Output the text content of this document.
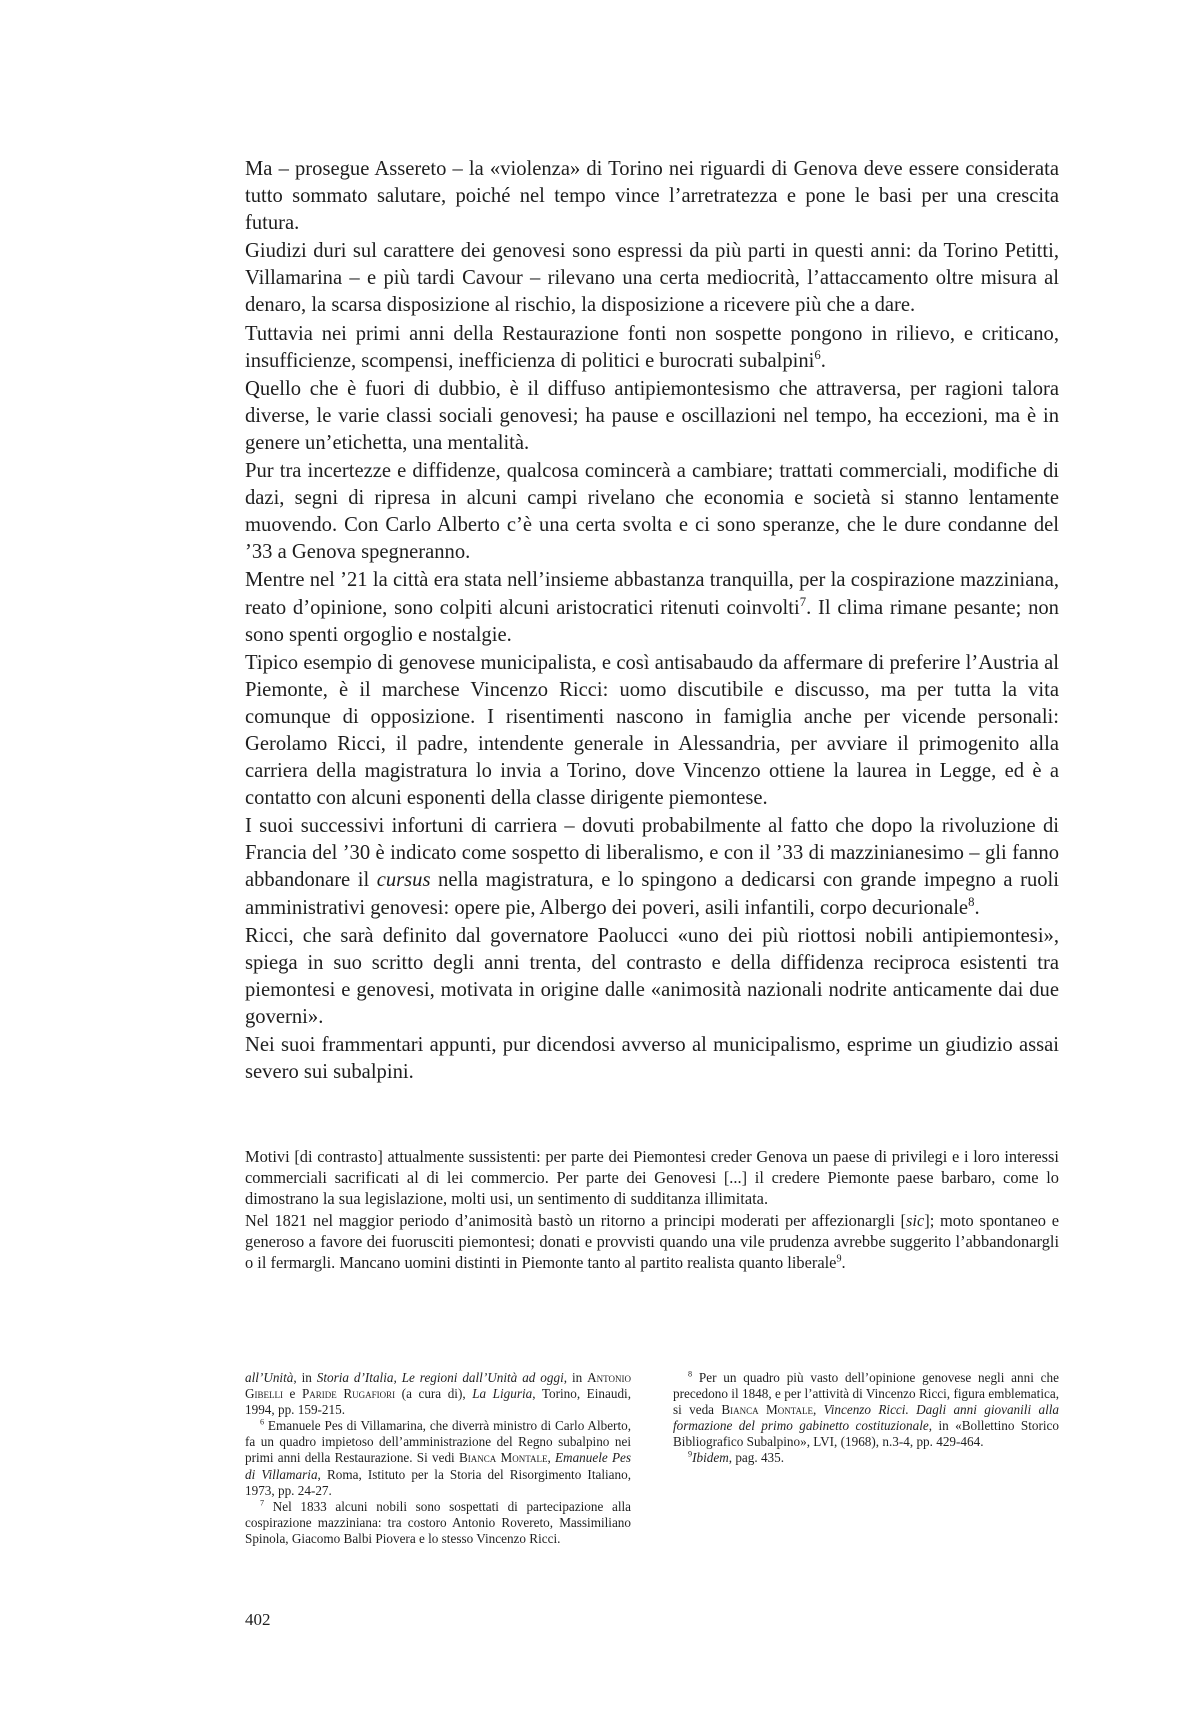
Ma – prosegue Assereto – la «violenza» di Torino nei riguardi di Genova deve essere considerata tutto sommato salutare, poiché nel tempo vince l’arretratezza e pone le basi per una crescita futura.

Giudizi duri sul carattere dei genovesi sono espressi da più parti in questi anni: da Torino Petitti, Villamarina – e più tardi Cavour – rilevano una certa mediocrità, l’attaccamento oltre misura al denaro, la scarsa disposizione al rischio, la disposizione a ricevere più che a dare.

Tuttavia nei primi anni della Restaurazione fonti non sospette pongono in rilievo, e criticano, insufficienze, scompensi, inefficienza di politici e burocrati subalpini$^6$.

Quello che è fuori di dubbio, è il diffuso antipiemontesismo che attraversa, per ragioni talora diverse, le varie classi sociali genovesi; ha pause e oscillazioni nel tempo, ha eccezioni, ma è in genere un’etichetta, una mentalità.

Pur tra incertezze e diffidenze, qualcosa comincerà a cambiare; trattati commerciali, modifiche di dazi, segni di ripresa in alcuni campi rivelano che economia e società si stanno lentamente muovendo. Con Carlo Alberto c’è una certa svolta e ci sono speranze, che le dure condanne del ’33 a Genova spegneranno.

Mentre nel ’21 la città era stata nell’insieme abbastanza tranquilla, per la cospirazione mazziniana, reato d’opinione, sono colpiti alcuni aristocratici ritenuti coinvolti$^7$. Il clima rimane pesante; non sono spenti orgoglio e nostalgie.

Tipico esempio di genovese municipalista, e così antisabaudo da affermare di preferire l’Austria al Piemonte, è il marchese Vincenzo Ricci: uomo discutibile e discusso, ma per tutta la vita comunque di opposizione. I risentimenti nascono in famiglia anche per vicende personali: Gerolamo Ricci, il padre, intendente generale in Alessandria, per avviare il primogenito alla carriera della magistratura lo invia a Torino, dove Vincenzo ottiene la laurea in Legge, ed è a contatto con alcuni esponenti della classe dirigente piemontese.

I suoi successivi infortuni di carriera – dovuti probabilmente al fatto che dopo la rivoluzione di Francia del ’30 è indicato come sospetto di liberalismo, e con il ’33 di mazzinianesimo – gli fanno abbandonare il cursus nella magistratura, e lo spingono a dedicarsi con grande impegno a ruoli amministrativi genovesi: opere pie, Albergo dei poveri, asili infantili, corpo decurionale$^8$.

Ricci, che sarà definito dal governatore Paolucci «uno dei più riottosi nobili antipiemontesi», spiega in suo scritto degli anni trenta, del contrasto e della diffidenza reciproca esistenti tra piemontesi e genovesi, motivata in origine dalle «animosità nazionali nodrite anticamente dai due governi».

Nei suoi frammentari appunti, pur dicendosi avverso al municipalismo, esprime un giudizio assai severo sui subalpini.

Motivi [di contrasto] attualmente sussistenti: per parte dei Piemontesi creder Genova un paese di privilegi e i loro interessi commerciali sacrificati al di lei commercio. Per parte dei Genovesi [...] il credere Piemonte paese barbaro, come lo dimostrano la sua legislazione, molti usi, un sentimento di sudditanza illimitata.

Nel 1821 nel maggior periodo d’animosità bastò un ritorno a principi moderati per affezionargli [sic]; moto spontaneo e generoso a favore dei fuorusciti piemontesi; donati e provvisti quando una vile prudenza avrebbe suggerito l’abbandonargli o il fermargli. Mancano uomini distinti in Piemonte tanto al partito realista quanto liberale$^9$.

all’Unità, in Storia d’Italia, Le regioni dall’Unità ad oggi, in Antonio Gibelli e Paride Rugafiori (a cura di), La Liguria, Torino, Einaudi, 1994, pp. 159-215.

$^6$ Emanuele Pes di Villamarina, che diverrà ministro di Carlo Alberto, fa un quadro impietoso dell’amministrazione del Regno subalpino nei primi anni della Restaurazione. Si vedi Bianca Montale, Emanuele Pes di Villamaria, Roma, Istituto per la Storia del Risorgimento Italiano, 1973, pp. 24-27.

$^7$ Nel 1833 alcuni nobili sono sospettati di partecipazione alla cospirazione mazziniana: tra costoro Antonio Rovereto, Massimiliano Spinola, Giacomo Balbi Piovera e lo stesso Vincenzo Ricci.

$^8$ Per un quadro più vasto dell’opinione genovese negli anni che precedono il 1848, e per l’attività di Vincenzo Ricci, figura emblematica, si veda Bianca Montale, Vincenzo Ricci. Dagli anni giovanili alla formazione del primo gabinetto costituzionale, in «Bollettino Storico Bibliografico Subalpino», LVI, (1968), n.3-4, pp. 429-464.

$^9$Ibidem, pag. 435.

402
